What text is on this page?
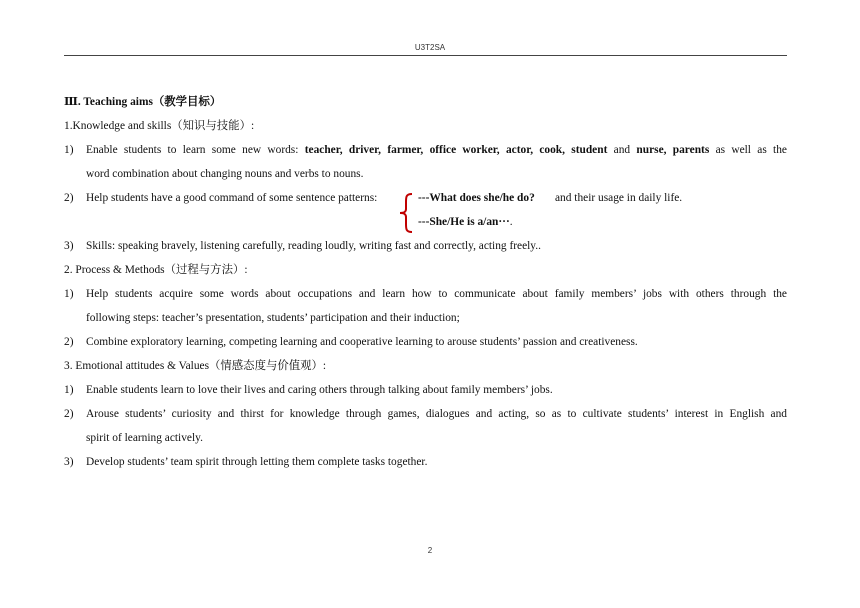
U3T2SA
Ⅲ. Teaching aims（教学目标）
1.Knowledge and skills（知识与技能）:
1) Enable students to learn some new words: teacher, driver, farmer, office worker, actor, cook, student and nurse, parents as well as the
word combination about changing nouns and verbs to nouns.
2) Help students have a good command of some sentence patterns:	---What does she/he do? and their usage in daily life.
---She/He is a/an···.
3) Skills: speaking bravely, listening carefully, reading loudly, writing fast and correctly, acting freely..
2. Process & Methods（过程与方法）:
1) Help students acquire some words about occupations and learn how to communicate about family members’ jobs with others through the
following steps: teacher’s presentation, students’ participation and their induction;
2) Combine exploratory learning, competing learning and cooperative learning to arouse students’ passion and creativeness.
3. Emotional attitudes & Values（情感态度与价值观）:
1) Enable students learn to love their lives and caring others through talking about family members’ jobs.
2) Arouse students’ curiosity and thirst for knowledge through games, dialogues and acting, so as to cultivate students’ interest in English and
spirit of learning actively.
3) Develop students’ team spirit through letting them complete tasks together.
2
